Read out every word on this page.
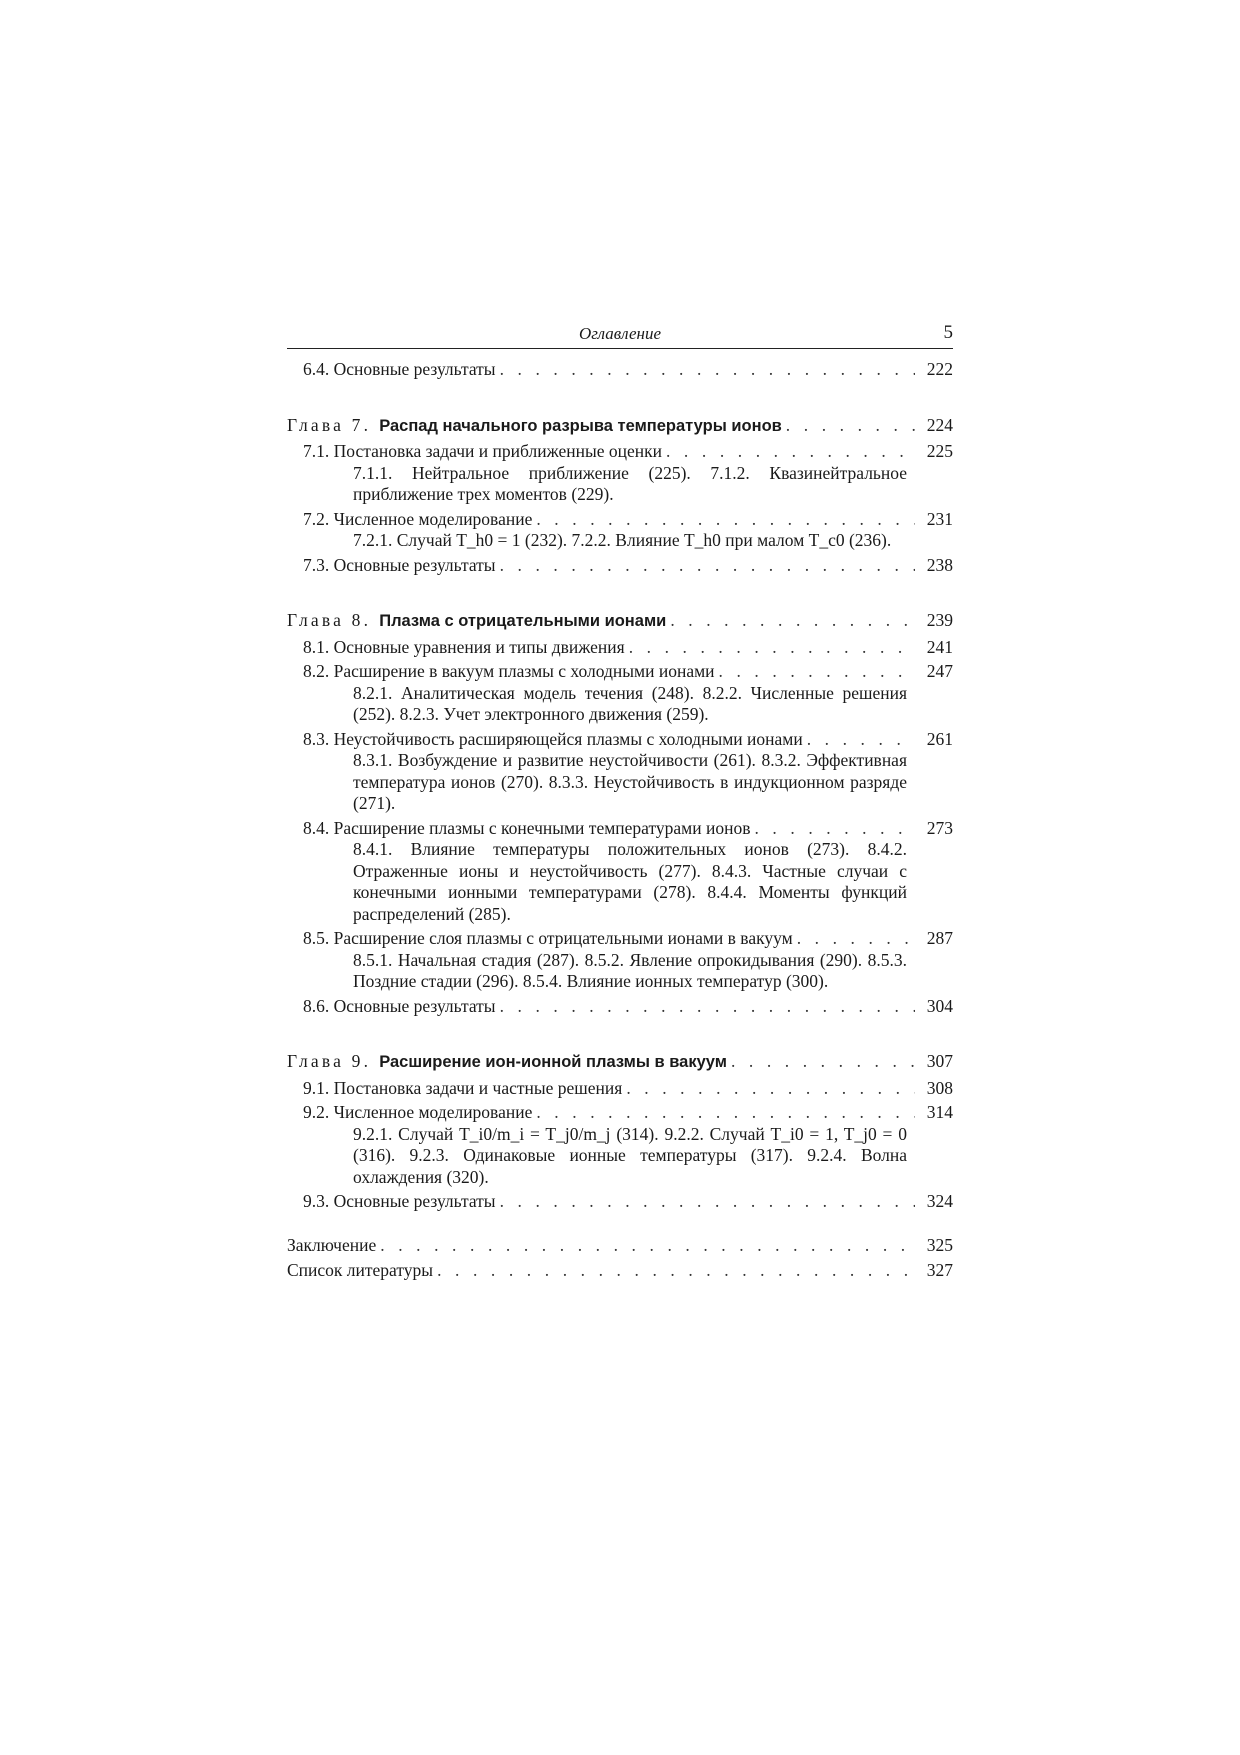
Оглавление	5
6.4. Основные результаты . . .	222
Глава 7. Распад начального разрыва температуры ионов . . .	224
7.1. Постановка задачи и приближенные оценки . . .	225
7.1.1. Нейтральное приближение (225). 7.1.2. Квазинейтральное приближение трех моментов (229).
7.2. Численное моделирование . . .	231
7.2.1. Случай T_h0 = 1 (232). 7.2.2. Влияние T_h0 при малом T_c0 (236).
7.3. Основные результаты . . .	238
Глава 8. Плазма с отрицательными ионами . . .	239
8.1. Основные уравнения и типы движения . . .	241
8.2. Расширение в вакуум плазмы с холодными ионами . . .	247
8.2.1. Аналитическая модель течения (248). 8.2.2. Численные решения (252). 8.2.3. Учет электронного движения (259).
8.3. Неустойчивость расширяющейся плазмы с холодными ионами . . .	261
8.3.1. Возбуждение и развитие неустойчивости (261). 8.3.2. Эффективная температура ионов (270). 8.3.3. Неустойчивость в индукционном разряде (271).
8.4. Расширение плазмы с конечными температурами ионов . . .	273
8.4.1. Влияние температуры положительных ионов (273). 8.4.2. Отраженные ионы и неустойчивость (277). 8.4.3. Частные случаи с конечными ионными температурами (278). 8.4.4. Моменты функций распределений (285).
8.5. Расширение слоя плазмы с отрицательными ионами в вакуум . . .	287
8.5.1. Начальная стадия (287). 8.5.2. Явление опрокидывания (290). 8.5.3. Поздние стадии (296). 8.5.4. Влияние ионных температур (300).
8.6. Основные результаты . . .	304
Глава 9. Расширение ион-ионной плазмы в вакуум . . .	307
9.1. Постановка задачи и частные решения . . .	308
9.2. Численное моделирование . . .	314
9.2.1. Случай T_i0/m_i = T_j0/m_j (314). 9.2.2. Случай T_i0 = 1, T_j0 = 0 (316). 9.2.3. Одинаковые ионные температуры (317). 9.2.4. Волна охлаждения (320).
9.3. Основные результаты . . .	324
Заключение . . .	325
Список литературы . . .	327
